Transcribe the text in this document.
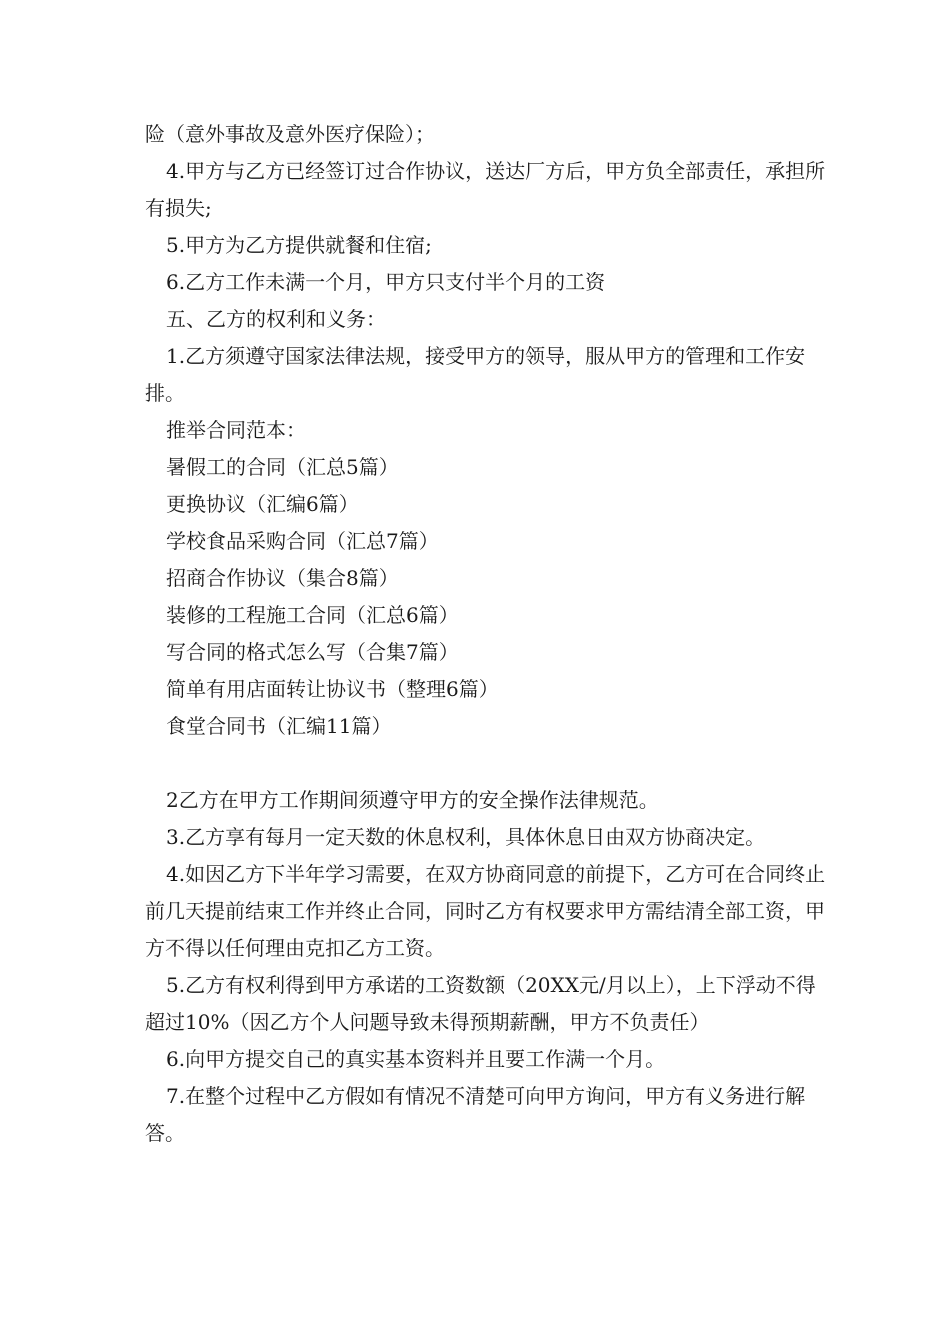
险（意外事故及意外医疗保险）；

4.甲方与乙方已经签订过合作协议，送达厂方后，甲方负全部责任，承担所有损失;

5.甲方为乙方提供就餐和住宿;

6.乙方工作未满一个月，甲方只支付半个月的工资

五、乙方的权利和义务：

1.乙方须遵守国家法律法规，接受甲方的领导，服从甲方的管理和工作安排。

推举合同范本：

暑假工的合同（汇总5篇）

更换协议（汇编6篇）

学校食品采购合同（汇总7篇）

招商合作协议（集合8篇）

装修的工程施工合同（汇总6篇）

写合同的格式怎么写（合集7篇）

简单有用店面转让协议书（整理6篇）

食堂合同书（汇编11篇）

2乙方在甲方工作期间须遵守甲方的安全操作法律规范。

3.乙方享有每月一定天数的休息权利，具体休息日由双方协商决定。

4.如因乙方下半年学习需要，在双方协商同意的前提下，乙方可在合同终止前几天提前结束工作并终止合同，同时乙方有权要求甲方需结清全部工资，甲方不得以任何理由克扣乙方工资。

5.乙方有权利得到甲方承诺的工资数额（20XX元/月以上），上下浮动不得超过10%（因乙方个人问题导致未得预期薪酬，甲方不负责任）

6.向甲方提交自己的真实基本资料并且要工作满一个月。

7.在整个过程中乙方假如有情况不清楚可向甲方询问，甲方有义务进行解答。
